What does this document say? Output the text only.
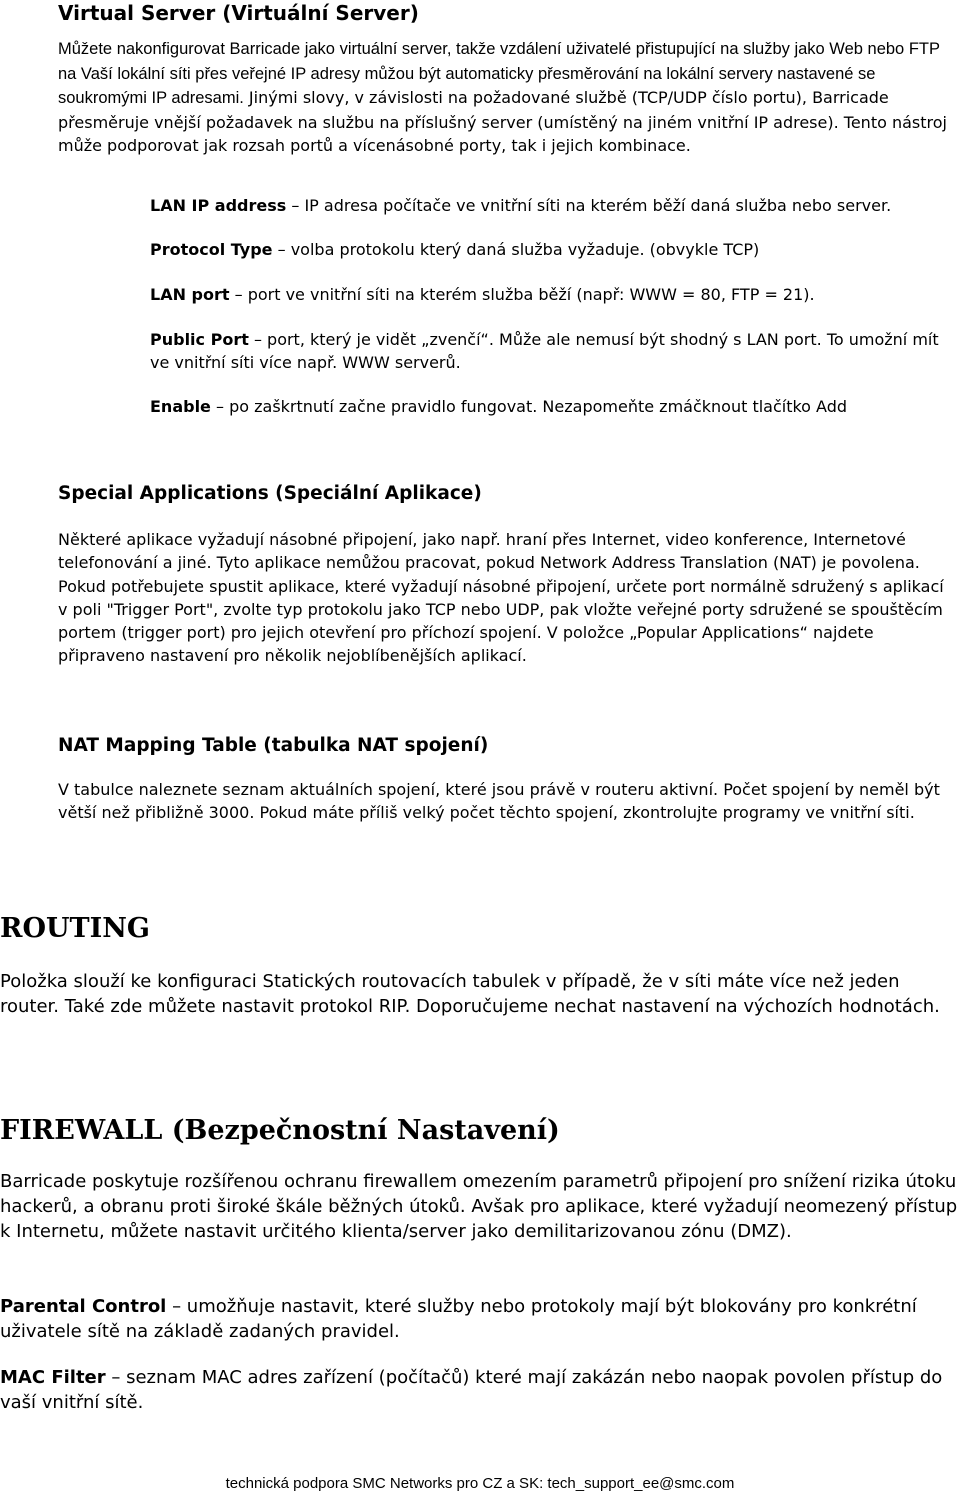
Virtual Server (Virtuální Server)
Můžete nakonfigurovat Barricade jako virtuální server, takže vzdálení uživatelé přistupující na služby jako Web nebo FTP na Vaší lokální síti přes veřejné IP adresy můžou být automaticky přesměrování na lokální servery nastavené se soukromými IP adresami. Jinými slovy, v závislosti na požadované službě (TCP/UDP číslo portu), Barricade přesměruje vnější požadavek na službu na příslušný server (umístěný na jiném vnitřní IP adrese). Tento nástroj může podporovat jak rozsah portů a vícenásobné porty, tak i jejich kombinace.
LAN IP address – IP adresa počítače ve vnitřní síti na kterém běží daná služba nebo server.
Protocol Type – volba protokolu který daná služba vyžaduje. (obvykle TCP)
LAN port – port ve vnitřní síti na kterém služba běží (např: WWW = 80, FTP = 21).
Public Port – port, který je vidět „zvenčí“. Může ale nemusí být shodný s LAN port. To umožní mít ve vnitřní síti více např. WWW serverů.
Enable – po zaškrtnutí začne pravidlo fungovat. Nezapomeňte zmáčknout tlačítko Add
Special Applications (Speciální Aplikace)
Některé aplikace vyžadují násobné připojení, jako např. hraní přes Internet, video konference, Internetové telefonování a jiné. Tyto aplikace nemůžou pracovat, pokud Network Address Translation (NAT) je povolena. Pokud potřebujete spustit aplikace, které vyžadují násobné připojení, určete port normálně sdružený s aplikací v poli "Trigger Port", zvolte typ protokolu jako TCP nebo UDP, pak vložte veřejné porty sdružené se spouštěcím portem (trigger port) pro jejich otevření pro příchozí spojení. V položce „Popular Applications“ najdete připraveno nastavení pro několik nejoblíbenějších aplikací.
NAT Mapping Table (tabulka NAT spojení)
V tabulce naleznete seznam aktuálních spojení, které jsou právě v routeru aktivní. Počet spojení by neměl být větší než přibližně 3000. Pokud máte příliš velký počet těchto spojení, zkontrolujte programy ve vnitřní síti.
ROUTING
Položka slouží ke konfiguraci Statických routovacích tabulek v případě, že v síti máte více než jeden router. Také zde můžete nastavit protokol RIP. Doporučujeme nechat nastavení na výchozích hodnotách.
FIREWALL (Bezpečnostní Nastavení)
Barricade poskytuje rozšířenou ochranu firewallem omezením parametrů připojení pro snížení rizika útoku hackerů, a obranu proti široké škále běžných útoků. Avšak pro aplikace, které vyžadují neomezený přístup k Internetu, můžete nastavit určitého klienta/server jako demilitarizovanou zónu (DMZ).
Parental Control – umožňuje nastavit, které služby nebo protokoly mají být blokovány pro konkrétní uživatele sítě na základě zadaných pravidel.
MAC Filter – seznam MAC adres zařízení (počítačů) které mají zakázán nebo naopak povolen přístup do vaší vnitřní sítě.
technická podpora SMC Networks pro CZ a SK: tech_support_ee@smc.com
